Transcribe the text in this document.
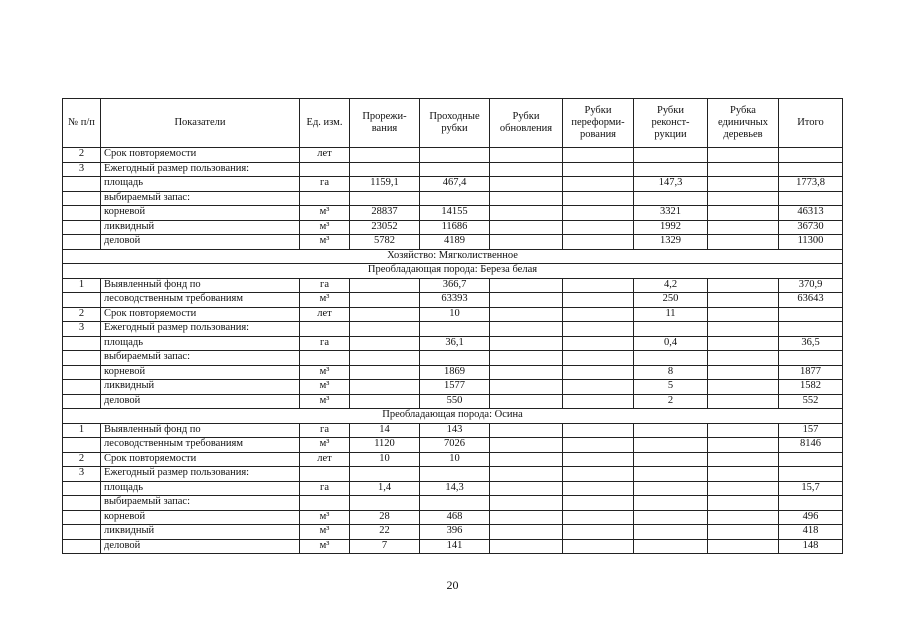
№ п/п	Показатели	Ед. изм.	Прорежи-вания	Проходные рубки	Рубки обновления	Рубки переформи-рования	Рубки реконст-рукции	Рубка единичных деревьев	Итого
2	Срок повторяемости	лет							
3	Ежегодный размер пользования:								
	площадь	га	1159,1	467,4			147,3		1773,8
	выбираемый запас:								
	корневой	м³	28837	14155			3321		46313
	ликвидный	м³	23052	11686			1992		36730
	деловой	м³	5782	4189			1329		11300
Хозяйство: Мягколиственное									
Преобладающая порода: Береза белая									
1	Выявленный фонд по	га		366,7			4,2		370,9
	лесоводственным требованиям	м³		63393			250		63643
2	Срок повторяемости	лет		10			11		
3	Ежегодный размер пользования:								
	площадь	га		36,1			0,4		36,5
	выбираемый запас:								
	корневой	м³		1869			8		1877
	ликвидный	м³		1577			5		1582
	деловой	м³		550			2		552
Преобладающая порода: Осина									
1	Выявленный фонд по	га	14	143					157
	лесоводственным требованиям	м³	1120	7026					8146
2	Срок повторяемости	лет	10	10					
3	Ежегодный размер пользования:								
	площадь	га	1,4	14,3					15,7
	выбираемый запас:								
	корневой	м³	28	468					496
	ликвидный	м³	22	396					418
	деловой	м³	7	141					148
20
